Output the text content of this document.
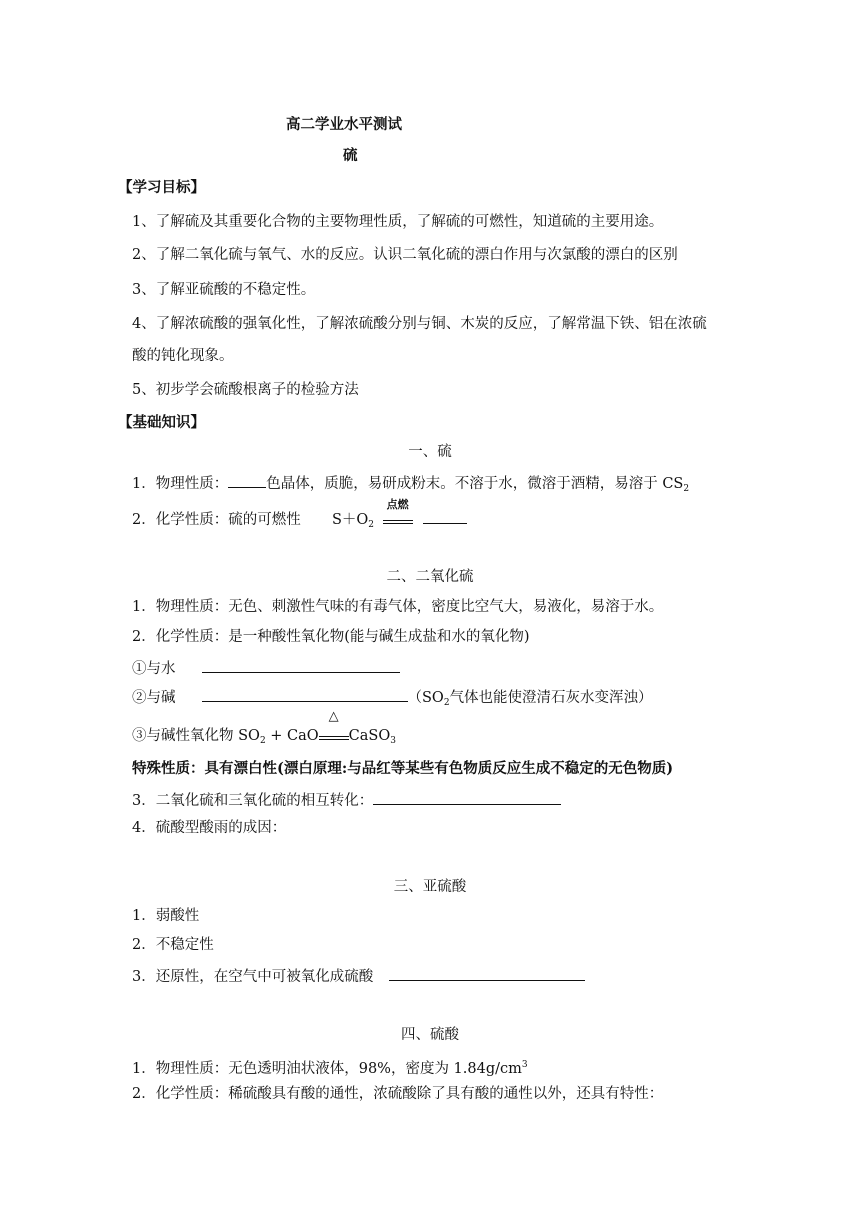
高二学业水平测试
硫
【学习目标】
1、了解硫及其重要化合物的主要物理性质，了解硫的可燃性，知道硫的主要用途。
2、了解二氧化硫与氧气、水的反应。认识二氧化硫的漂白作用与次氯酸的漂白的区别
3、了解亚硫酸的不稳定性。
4、了解浓硫酸的强氧化性，了解浓硫酸分别与铜、木炭的反应，了解常温下铁、铝在浓硫
酸的钝化现象。
5、初步学会硫酸根离子的检验方法
【基础知识】
一、硫
1．物理性质：	色晶体，质脆，易研成粉末。不溶于水，微溶于酒精，易溶于 $CS_2$
2．化学性质：硫的可燃性 $S+O_2$
点燃

二、二氧化硫
1．物理性质：无色、刺激性气味的有毒气体，密度比空气大，易液化，易溶于水。
2．化学性质：是一种酸性氧化物(能与碱生成盐和水的氧化物)
①与水
②与碱	（$SO_2$气体也能使澄清石灰水变浑浊）
③与碱性氧化物 $SO_2$ + CaO
△
CaSO$_3$
特殊性质：具有漂白性(漂白原理:与品红等某些有色物质反应生成不稳定的无色物质)
3．二氧化硫和三氧化硫的相互转化：
4．硫酸型酸雨的成因：
三、亚硫酸
1．弱酸性
2．不稳定性
3．还原性，在空气中可被氧化成硫酸
四、硫酸
1．物理性质：无色透明油状液体，98%，密度为 $1.84g/cm^3$
2．化学性质：稀硫酸具有酸的通性，浓硫酸除了具有酸的通性以外，还具有特性：
